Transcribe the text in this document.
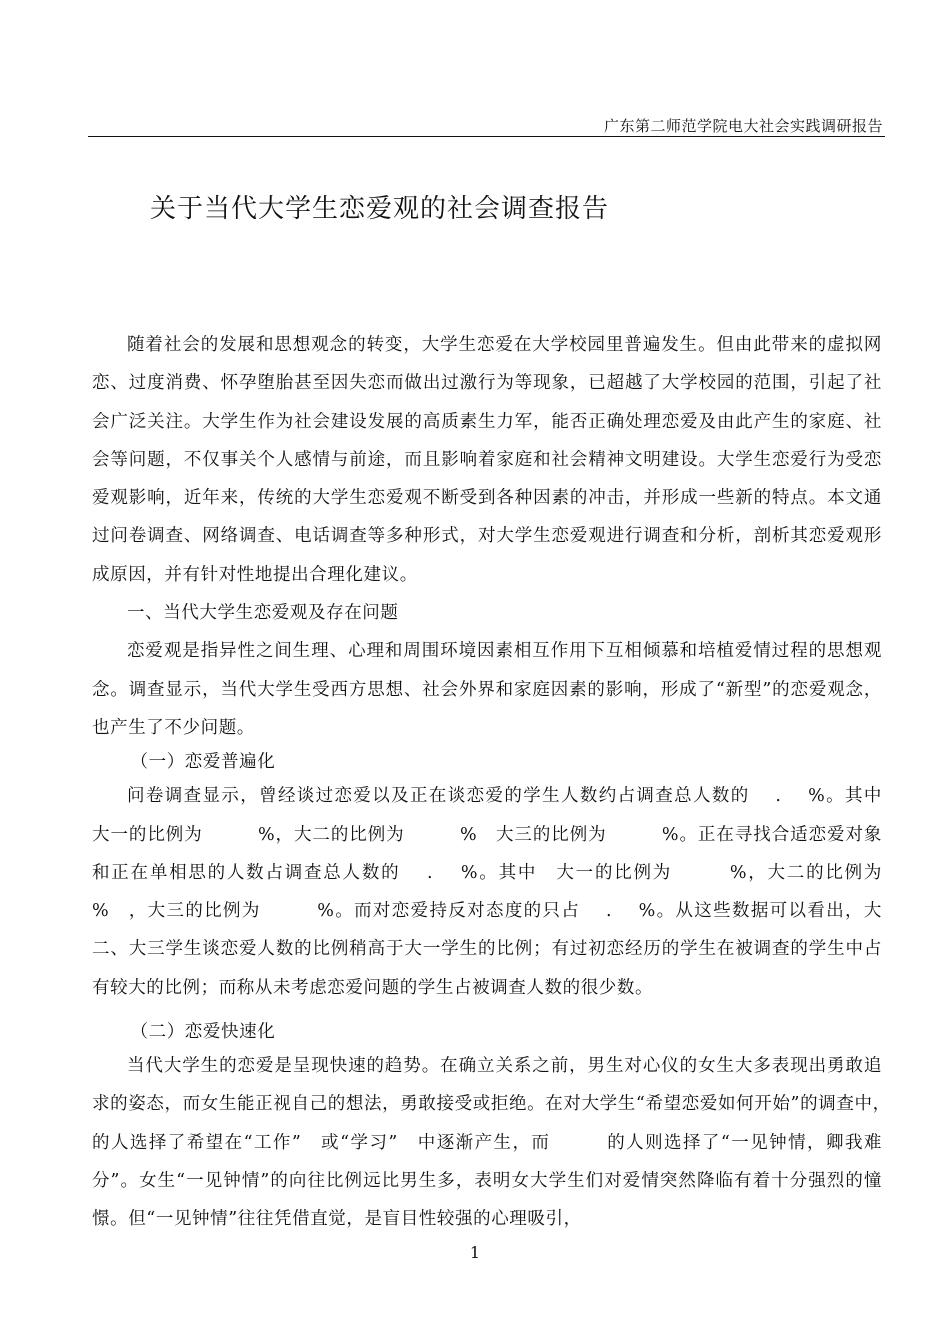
广东第二师范学院电大社会实践调研报告
关于当代大学生恋爱观的社会调查报告

随着社会的发展和思想观念的转变，大学生恋爱在大学校园里普遍发生。但由此带来的虚拟网恋、过度消费、怀孕堕胎甚至因失恋而做出过激行为等现象，已超越了大学校园的范围，引起了社会广泛关注。大学生作为社会建设发展的高质素生力军，能否正确处理恋爱及由此产生的家庭、社会等问题，不仅事关个人感情与前途，而且影响着家庭和社会精神文明建设。大学生恋爱行为受恋爱观影响，近年来，传统的大学生恋爱观不断受到各种因素的冲击，并形成一些新的特点。本文通过问卷调查、网络调查、电话调查等多种形式，对大学生恋爱观进行调查和分析，剖析其恋爱观形成原因，并有针对性地提出合理化建议。

一、当代大学生恋爱观及存在问题

恋爱观是指异性之间生理、心理和周围环境因素相互作用下互相倾慕和培植爱情过程的思想观念。调查显示，当代大学生受西方思想、社会外界和家庭因素的影响，形成了“新型”的恋爱观念，也产生了不少问题。

（一）恋爱普遍化

问卷调查显示，曾经谈过恋爱以及正在谈恋爱的学生人数约占调查总人数的　 .　 %。其中　大一的比例为　　　%，大二的比例为　　　%　大三的比例为　　　%。正在寻找合适恋爱对象和正在单相思的人数占调查总人数的　 .　 %。其中　大一的比例为　　　%，大二的比例为　　　%　，大三的比例为　　　%。而对恋爱持反对态度的只占　 .　 %。从这些数据可以看出，大二、大三学生谈恋爱人数的比例稍高于大一学生的比例；有过初恋经历的学生在被调查的学生中占有较大的比例；而称从未考虑恋爱问题的学生占被调查人数的很少数。

（二）恋爱快速化

当代大学生的恋爱是呈现快速的趋势。在确立关系之前，男生对心仪的女生大多表现出勇敢追求的姿态，而女生能正视自己的想法，勇敢接受或拒绝。在对大学生“希望恋爱如何开始”的调查中，　　　的人选择了希望在“工作”　或“学习”　中逐渐产生，而　　　的人则选择了“一见钟情，卿我难分”。女生“一见钟情”的向往比例远比男生多，表明女大学生们对爱情突然降临有着十分强烈的憧憬。但“一见钟情”往往凭借直觉，是盲目性较强的心理吸引，

1
